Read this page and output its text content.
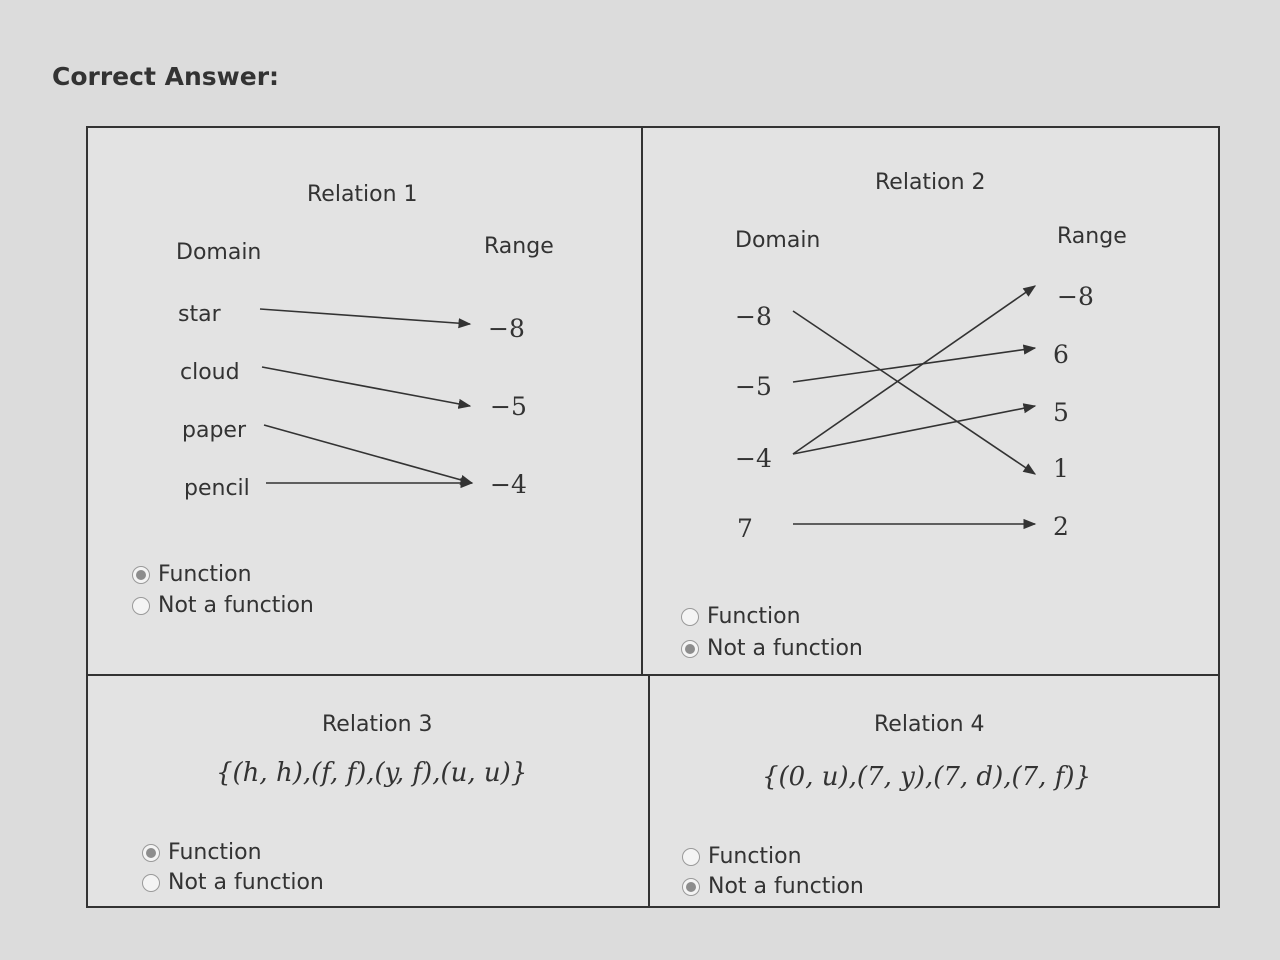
Correct Answer:
Relation 1
Domain	Range
star
cloud
paper
pencil
−8
−5
−4
Function
Not a function
Relation 2
Domain	Range
−8
−5
−4
7
−8
6
5
1
2
Function
Not a function
Relation 3
{(h, h),(f, f),(y, f),(u, u)}
Function
Not a function
Relation 4
{(0, u),(7, y),(7, d),(7, f)}
Function
Not a function
